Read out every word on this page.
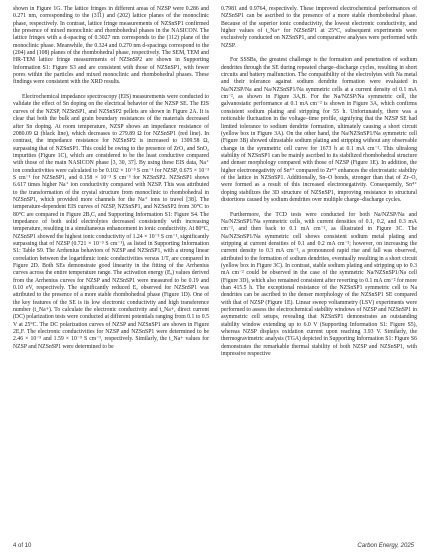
shown in Figure 1G. The lattice fringes in different areas of NZSP were 0.286 and 0.271 nm, corresponding to the (31̅1) and (202) lattice planes of the monoclinic phase, respectively. In contrast, lattice fringe measurements of NZSnSP1 confirmed the presence of mixed monoclinic and rhombohedral phases in the NASICON. The lattice fringes with a d-spacing of 0.3027 nm corresponds to the (112) plane of the monoclinic phase. Meanwhile, the 0.324 and 0.270 nm d-spacings correspond to the (204) and (108) planes of the rhombohedral phase, respectively. The SEM, TEM and HR-TEM lattice fringe measurements of NZSnSP2 are shown in Supporting Information S1: Figure S3 and are consistent with those of NZSnSP1, with fewer pores within the particles and mixed monoclinic and rhombohedral phases. These findings were consistent with the XRD results.

Electrochemical impedance spectroscopy (EIS) measurements were conducted to validate the effect of Sn doping on the electrical behavior of the NZSP SE. The EIS curves of the NZSP, NZSnSP1, and NZSnSP2 pellets are shown in Figure 2A. It is clear that both the bulk and grain boundary resistances of the materials decreased after Sn doping. At room temperature, NZSP shows an impedance resistance of 2080.09 Ω (black line), which decreases to 279.89 Ω for NZSnSP1 (red line). In contrast, the impedance resistance for NZSnSP2 is increased to 1309.58 Ω, surpassing that of NZSnSP1. This could be owing to the presence of ZrO₂ and SnO₂ impurities (Figure 1C), which are considered to be the least conductive compared with those of the main NASICON phase [3, 30, 37]. By using these EIS data, Na⁺ ion conductivities were calculated to be 0.102 × 10⁻³ S cm⁻¹ for NZSP, 0.675 × 10⁻³ S cm⁻¹ for NZSnSP1, and 0.158 × 10⁻³ S cm⁻¹ for NZSnSP2. NZSnSP1 shows 6.617 times higher Na⁺ ion conductivity compared with NZSP. This was attributed to the transformation of the crystal structure from monoclinic to rhombohedral in NZSnSP1, which provided more channels for the Na⁺ ions to travel [38]. The temperature-dependent EIS curves of NZSP, NZSnSP1, and NZSnSP2 from 30°C to 80°C are compared in Figure 2B,C, and Supporting Information S1: Figure S4. The impedance of both solid electrolytes decreased consistently with increasing temperature, resulting in a simultaneous enhancement in ionic conductivity. At 80°C, NZSnSP1 showed the highest ionic conductivity of 1.24 × 10⁻³ S cm⁻¹, significantly surpassing that of NZSP (0.721 × 10⁻³ S cm⁻¹), as listed in Supporting Information S1: Table S9. The Arrhenius behaviors of NZSP and NZSnSP1, with a strong linear correlation between the logarithmic ionic conductivities versus 1/T, are compared in Figure 2D. Both SEs demonstrate good linearity in the fitting of the Arrhenius curves across the entire temperature range. The activation energy (Eₐ) values derived from the Arrhenius curves for NZSP and NZSnSP1 were measured to be 0.19 and 0.10 eV, respectively. The significantly reduced Eₐ observed for NZSnSP1 was attributed to the presence of a more stable rhombohedral phase (Figure 1D). One of the key features of the SE is its low electronic conductivity and high transference number (t_Na+). To calculate the electronic conductivity and t_Na+, direct current (DC) polarization tests were conducted at different potentials ranging from 0.1 to 0.5 V at 25°C. The DC polarization curves of NZSP and NZSnSP1 are shown in Figure 2E,F. The electronic conductivities for NZSP and NZSnSP1 were determined to be 2.46 × 10⁻⁹ and 1.59 × 10⁻⁹ S cm⁻¹, respectively. Similarly, the t_Na+ values for NZSP and NZSnSP1 were determined to be

0.7981 and 0.9764, respectively. These improved electrochemical performances of NZSnSP1 can be ascribed to the presence of a more stable rhombohedral phase. Because of the superior ionic conductivity, the lowest electronic conductivity, and higher values of t_Na+ for NZSnSP1 at 25°C, subsequent experiments were exclusively conducted on NZSnSP1, and comparative analyses were performed with NZSP.

For SSSBs, the greatest challenge is the formation and penetration of sodium dendrites through the SE during repeated charge–discharge cycles, resulting in short circuits and battery malfunction. The compatibility of the electrolytes with Na metal and their tolerance against sodium dendrite formation were evaluated in Na/NZSP/Na and Na/NZSnSP1/Na symmetric cells at a current density of 0.1 mA cm⁻², as shown in Figure 3A,B. For the Na/NZSP/Na symmetric cell, the galvanostatic performance at 0.1 mA cm⁻² is shown in Figure 3A, which confirms consistent sodium plating and stripping for 55 h. Unfortunately, there was a noticeable fluctuation in the voltage–time profile, signifying that the NZSP SE had limited tolerance to sodium dendrite formation, ultimately causing a short circuit (yellow box in Figure 3A). On the other hand, the Na/NZSnSP1/Na symmetric cell (Figure 3B) showed ultrastable sodium plating and stripping without any observable change in the symmetric cell curve for 1673 h at 0.1 mA cm⁻². This ultralong stability of NZSnSP1 can be mainly ascribed to its stabilized rhombohedral structure and denser morphology compared with those of NZSP (Figure 1E). In addition, the higher electronegativity of Sn⁴⁺ compared to Zr⁴⁺ enhances the electrostatic stability of the lattice in NZSnSP1. Additionally, Sn–O bonds, stronger than that of Zr–O, were formed as a result of this increased electronegativity. Consequently, Sn⁴⁺ doping stabilizes the 3D structure of NZSnSP1, improving resistance to structural distortions caused by sodium dendrites over multiple charge–discharge cycles.

Furthermore, the TCD tests were conducted for both Na/NZSP/Na and Na/NZSnSP1/Na symmetric cells, with current densities of 0.1, 0.2, and 0.3 mA cm⁻², and then back to 0.1 mA cm⁻², as illustrated in Figure 3C. The Na/NZSnSP1/Na symmetric cell shows consistent sodium metal plating and stripping at current densities of 0.1 and 0.2 mA cm⁻²; however, on increasing the current density to 0.3 mA cm⁻², a pronounced rapid rise and fall was observed, attributed to the formation of sodium dendrites, eventually resulting in a short circuit (yellow box in Figure 3C). In contrast, stable sodium plating and stripping up to 0.3 mA cm⁻² could be observed in the case of the symmetric Na/NZSnSP1/Na cell (Figure 3D), which also remained consistent after reverting to 0.1 mA cm⁻² for more than 415.5 h. The exceptional resistance of the NZSnSP1 symmetric cell to Na dendrites can be ascribed to the denser morphology of the NZSnSP1 SE compared with that of NZSP (Figure 1E). Linear sweep voltammetry (LSV) experiments were performed to assess the electrochemical stability windows of NZSP and NZSnSP1 in asymmetric cell setups, revealing that NZSnSP1 demonstrates an outstanding stability window extending up to 6.0 V (Supporting Information S1: Figure S5), whereas NZSP displays oxidation current upon reaching 3.93 V. Similarly, the thermogravimetric analysis (TGA) depicted in Supporting Information S1: Figure S6 demonstrates the remarkable thermal stability of both NZSP and NZSnSP1, with impressive respective

4 of 10	Carbon Energy, 2025
